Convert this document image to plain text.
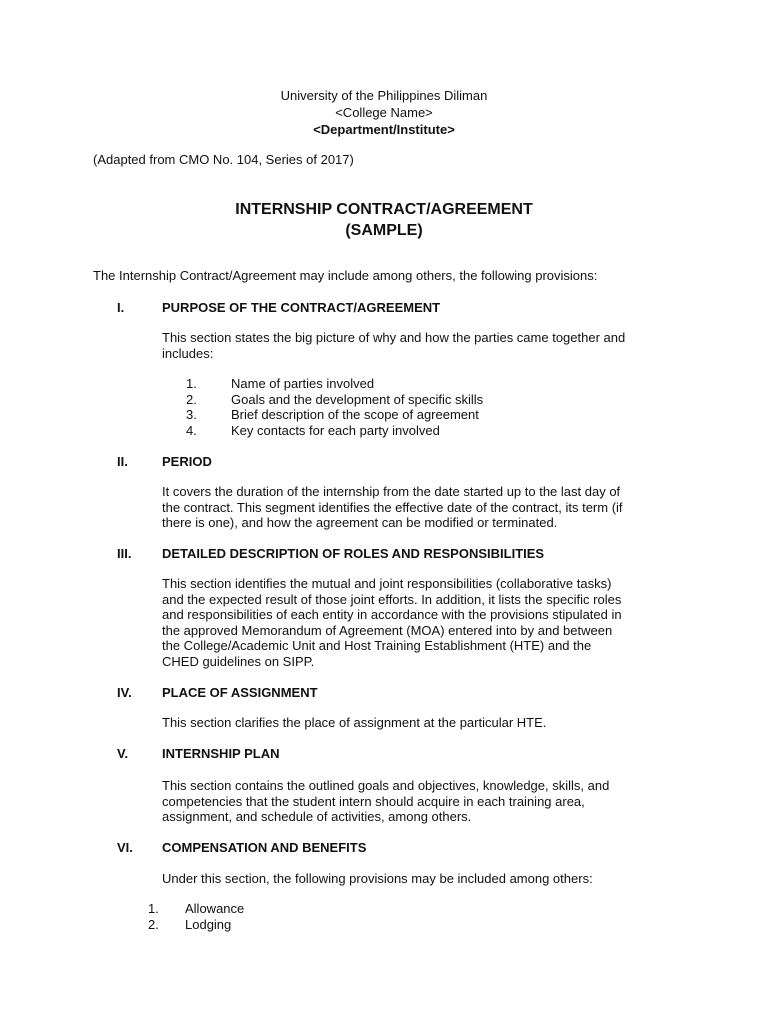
University of the Philippines Diliman
<College Name>
<Department/Institute>
(Adapted from CMO No. 104, Series of 2017)
INTERNSHIP CONTRACT/AGREEMENT
(SAMPLE)
The Internship Contract/Agreement may include among others, the following provisions:
I.	PURPOSE OF THE CONTRACT/AGREEMENT
This section states the big picture of why and how the parties came together and
includes:
1.	Name of parties involved
2.	Goals and the development of specific skills
3.	Brief description of the scope of agreement
4.	Key contacts for each party involved
II.	PERIOD
It covers the duration of the internship from the date started up to the last day of
the contract. This segment identifies the effective date of the contract, its term (if
there is one), and how the agreement can be modified or terminated.
III. DETAILED DESCRIPTION OF ROLES AND RESPONSIBILITIES
This section identifies the mutual and joint responsibilities (collaborative tasks)
and the expected result of those joint efforts. In addition, it lists the specific roles
and responsibilities of each entity in accordance with the provisions stipulated in
the approved Memorandum of Agreement (MOA) entered into by and between
the College/Academic Unit and Host Training Establishment (HTE) and the
CHED guidelines on SIPP.
IV. PLACE OF ASSIGNMENT
This section clarifies the place of assignment at the particular HTE.
V.	INTERNSHIP PLAN
This section contains the outlined goals and objectives, knowledge, skills, and
competencies that the student intern should acquire in each training area,
assignment, and schedule of activities, among others.
VI. COMPENSATION AND BENEFITS
Under this section, the following provisions may be included among others:
1. Allowance
2. Lodging
